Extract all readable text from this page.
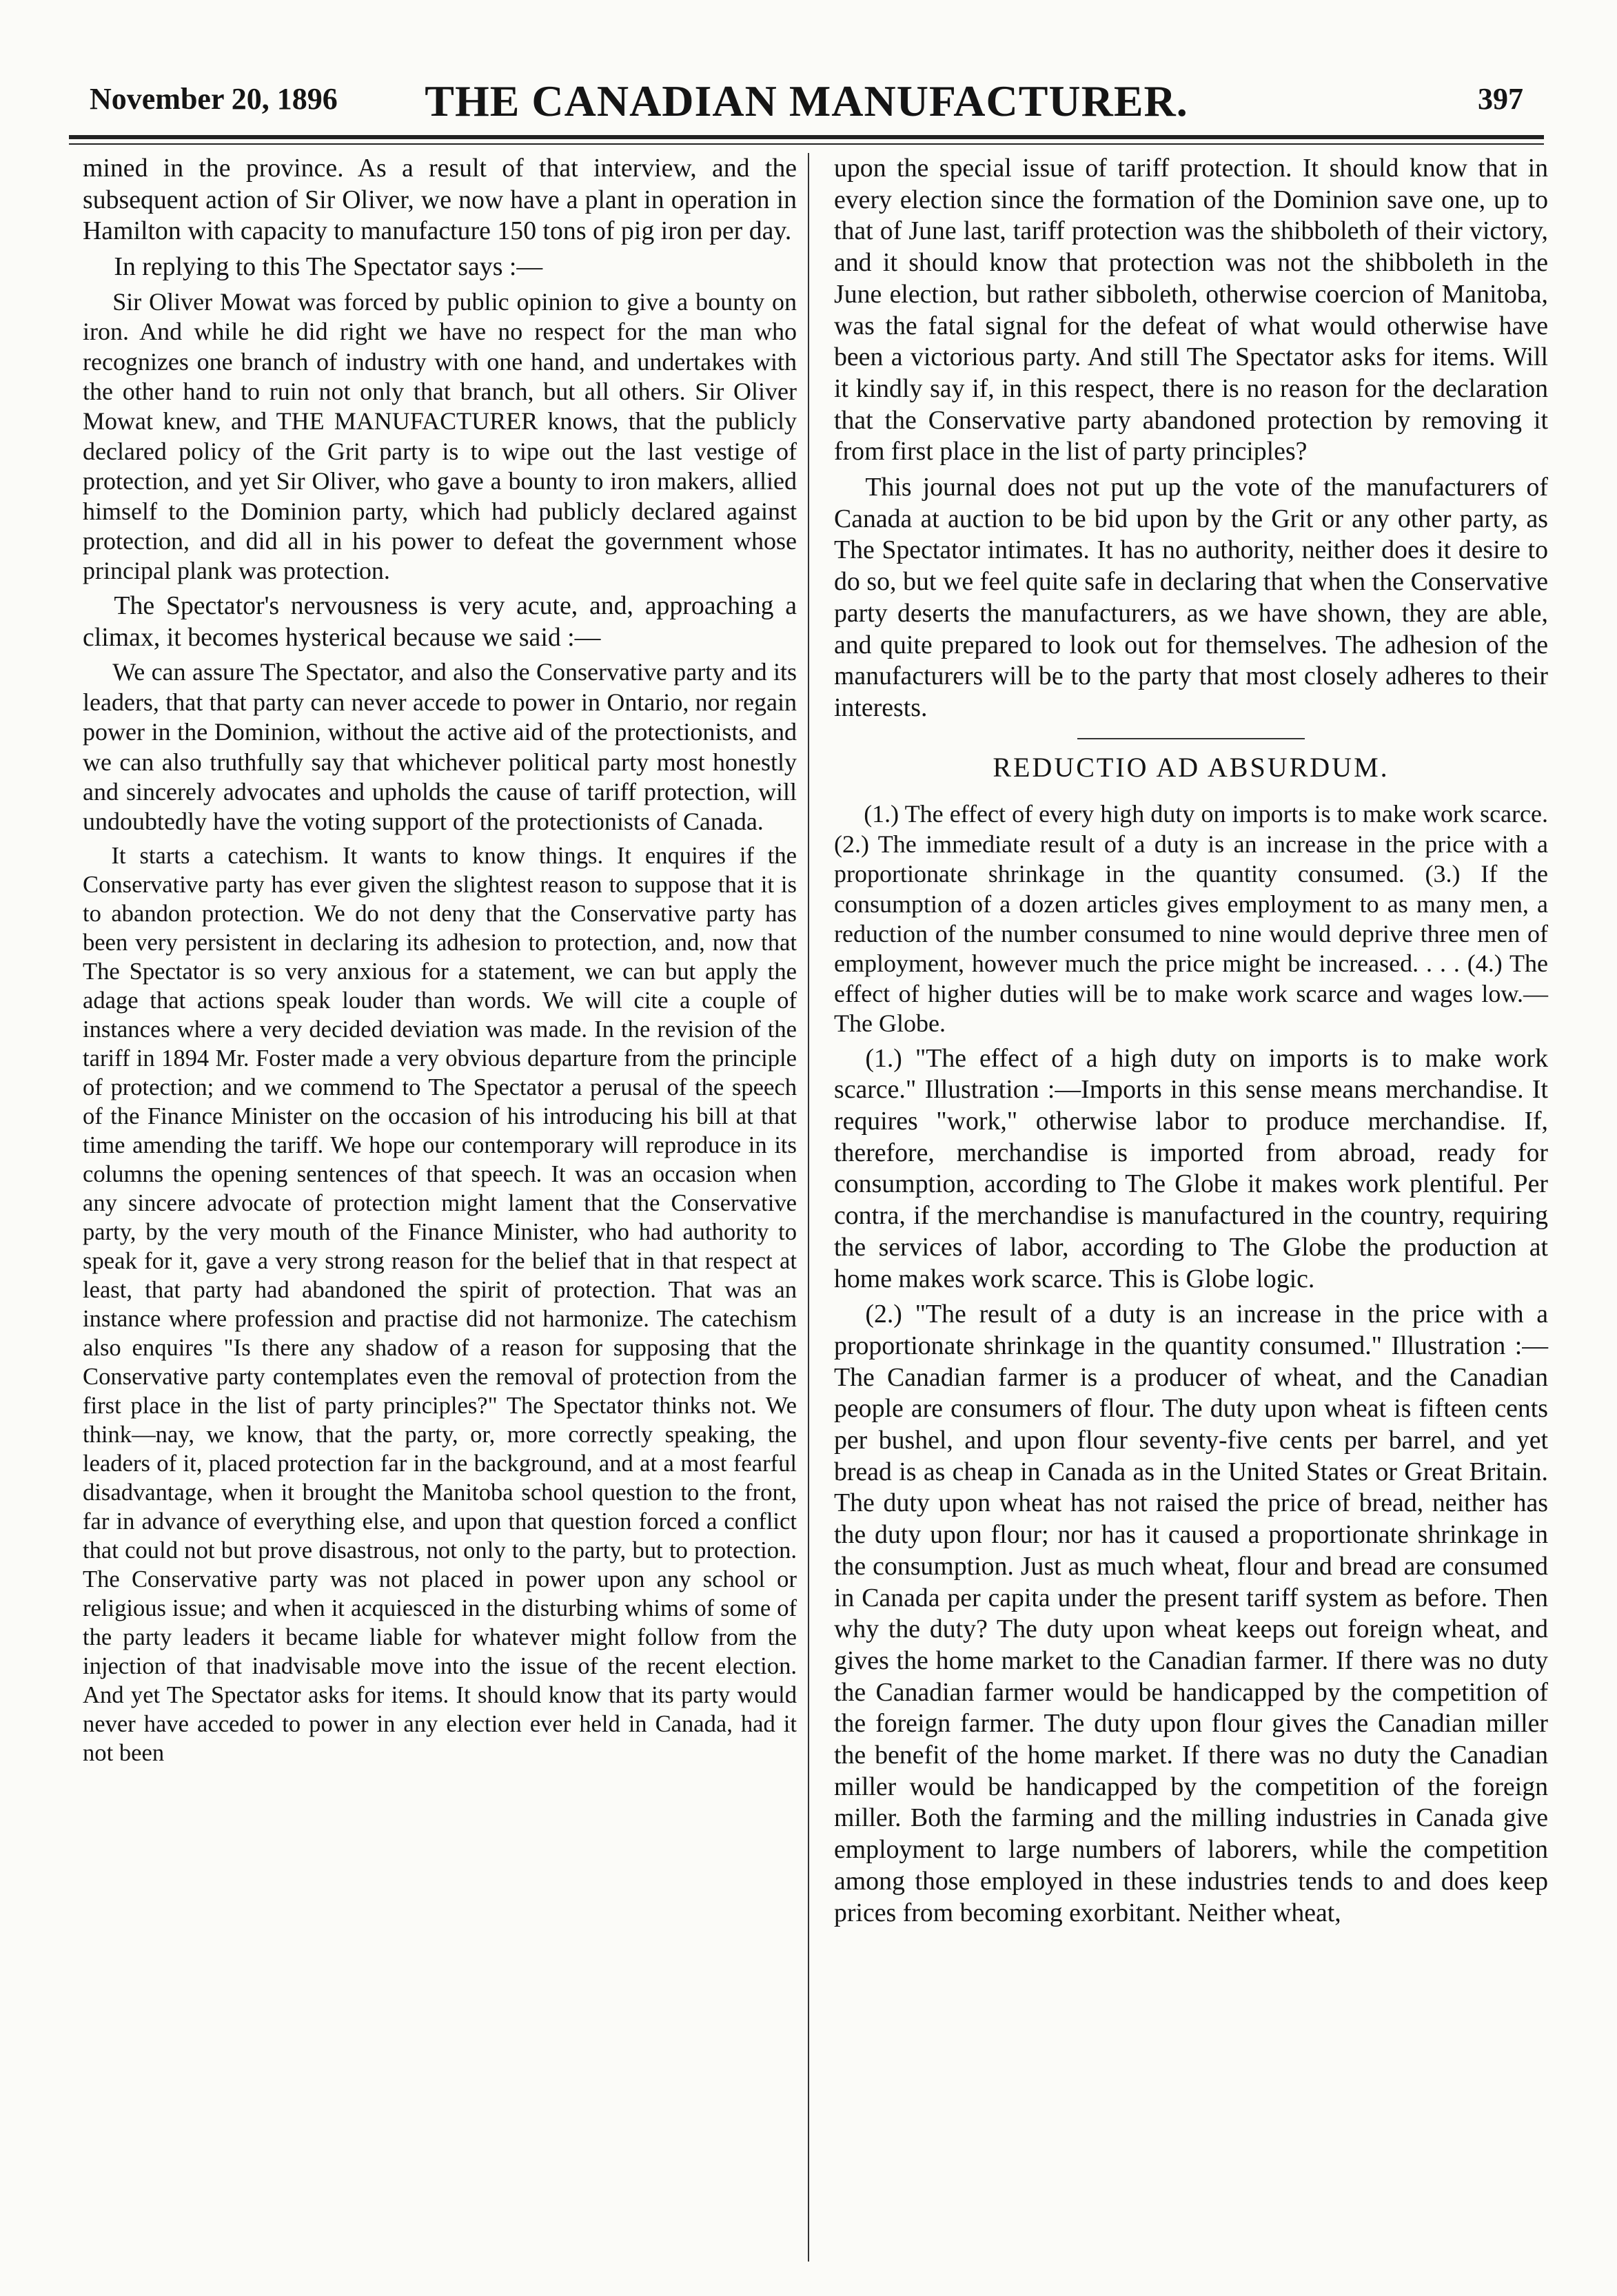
November 20, 1896	THE CANADIAN MANUFACTURER.	397

mined in the province. As a result of that interview, and the subsequent action of Sir Oliver, we now have a plant in operation in Hamilton with capacity to manufacture 150 tons of pig iron per day.

In replying to this The Spectator says :—

Sir Oliver Mowat was forced by public opinion to give a bounty on iron. And while he did right we have no respect for the man who recognizes one branch of industry with one hand, and undertakes with the other hand to ruin not only that branch, but all others. Sir Oliver Mowat knew, and THE MANUFACTURER knows, that the publicly declared policy of the Grit party is to wipe out the last vestige of protection, and yet Sir Oliver, who gave a bounty to iron makers, allied himself to the Dominion party, which had publicly declared against protection, and did all in his power to defeat the government whose principal plank was protection.

The Spectator's nervousness is very acute, and, approaching a climax, it becomes hysterical because we said :—

We can assure The Spectator, and also the Conservative party and its leaders, that that party can never accede to power in Ontario, nor regain power in the Dominion, without the active aid of the protectionists, and we can also truthfully say that whichever political party most honestly and sincerely advocates and upholds the cause of tariff protection, will undoubtedly have the voting support of the protectionists of Canada.

It starts a catechism. It wants to know things. It enquires if the Conservative party has ever given the slightest reason to suppose that it is to abandon protection. We do not deny that the Conservative party has been very persistent in declaring its adhesion to protection, and, now that The Spectator is so very anxious for a statement, we can but apply the adage that actions speak louder than words. We will cite a couple of instances where a very decided deviation was made. In the revision of the tariff in 1894 Mr. Foster made a very obvious departure from the principle of protection; and we commend to The Spectator a perusal of the speech of the Finance Minister on the occasion of his introducing his bill at that time amending the tariff. We hope our contemporary will reproduce in its columns the opening sentences of that speech. It was an occasion when any sincere advocate of protection might lament that the Conservative party, by the very mouth of the Finance Minister, who had authority to speak for it, gave a very strong reason for the belief that in that respect at least, that party had abandoned the spirit of protection. That was an instance where profession and practise did not harmonize. The catechism also enquires "Is there any shadow of a reason for supposing that the Conservative party contemplates even the removal of protection from the first place in the list of party principles?" The Spectator thinks not. We think—nay, we know, that the party, or, more correctly speaking, the leaders of it, placed protection far in the background, and at a most fearful disadvantage, when it brought the Manitoba school question to the front, far in advance of everything else, and upon that question forced a conflict that could not but prove disastrous, not only to the party, but to protection. The Conservative party was not placed in power upon any school or religious issue; and when it acquiesced in the disturbing whims of some of the party leaders it became liable for whatever might follow from the injection of that inadvisable move into the issue of the recent election. And yet The Spectator asks for items. It should know that its party would never have acceded to power in any election ever held in Canada, had it not been

upon the special issue of tariff protection. It should know that in every election since the formation of the Dominion save one, up to that of June last, tariff protection was the shibboleth of their victory, and it should know that protection was not the shibboleth in the June election, but rather sibboleth, otherwise coercion of Manitoba, was the fatal signal for the defeat of what would otherwise have been a victorious party. And still The Spectator asks for items. Will it kindly say if, in this respect, there is no reason for the declaration that the Conservative party abandoned protection by removing it from first place in the list of party principles?

This journal does not put up the vote of the manufacturers of Canada at auction to be bid upon by the Grit or any other party, as The Spectator intimates. It has no authority, neither does it desire to do so, but we feel quite safe in declaring that when the Conservative party deserts the manufacturers, as we have shown, they are able, and quite prepared to look out for themselves. The adhesion of the manufacturers will be to the party that most closely adheres to their interests.

REDUCTIO AD ABSURDUM.

(1.) The effect of every high duty on imports is to make work scarce. (2.) The immediate result of a duty is an increase in the price with a proportionate shrinkage in the quantity consumed. (3.) If the consumption of a dozen articles gives employment to as many men, a reduction of the number consumed to nine would deprive three men of employment, however much the price might be increased. . . . (4.) The effect of higher duties will be to make work scarce and wages low.—The Globe.

(1.) "The effect of a high duty on imports is to make work scarce." Illustration :—Imports in this sense means merchandise. It requires "work," otherwise labor to produce merchandise. If, therefore, merchandise is imported from abroad, ready for consumption, according to The Globe it makes work plentiful. Per contra, if the merchandise is manufactured in the country, requiring the services of labor, according to The Globe the production at home makes work scarce. This is Globe logic.

(2.) "The result of a duty is an increase in the price with a proportionate shrinkage in the quantity consumed." Illustration :—The Canadian farmer is a producer of wheat, and the Canadian people are consumers of flour. The duty upon wheat is fifteen cents per bushel, and upon flour seventy-five cents per barrel, and yet bread is as cheap in Canada as in the United States or Great Britain. The duty upon wheat has not raised the price of bread, neither has the duty upon flour; nor has it caused a proportionate shrinkage in the consumption. Just as much wheat, flour and bread are consumed in Canada per capita under the present tariff system as before. Then why the duty? The duty upon wheat keeps out foreign wheat, and gives the home market to the Canadian farmer. If there was no duty the Canadian farmer would be handicapped by the competition of the foreign farmer. The duty upon flour gives the Canadian miller the benefit of the home market. If there was no duty the Canadian miller would be handicapped by the competition of the foreign miller. Both the farming and the milling industries in Canada give employment to large numbers of laborers, while the competition among those employed in these industries tends to and does keep prices from becoming exorbitant. Neither wheat,
